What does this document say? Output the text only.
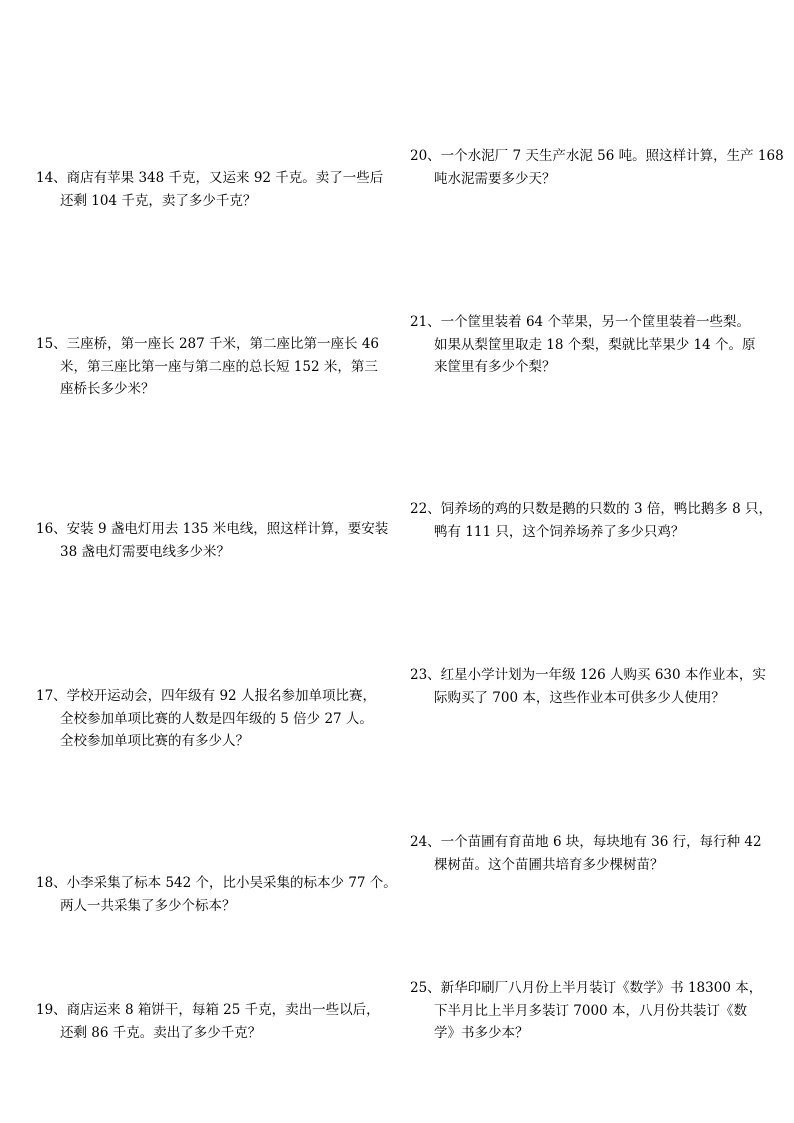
14、商店有苹果 348 千克，又运来 92 千克。卖了一些后
还剩 104 千克，卖了多少千克？
15、三座桥，第一座长 287 千米，第二座比第一座长 46
米，第三座比第一座与第二座的总长短 152 米，第三
座桥长多少米？
16、安装 9 盏电灯用去 135 米电线，照这样计算，要安装
38 盏电灯需要电线多少米？
17、学校开运动会，四年级有 92 人报名参加单项比赛，
全校参加单项比赛的人数是四年级的 5 倍少 27 人。
全校参加单项比赛的有多少人？
18、小李采集了标本 542 个，比小吴采集的标本少 77 个。
两人一共采集了多少个标本？
19、商店运来 8 箱饼干，每箱 25 千克，卖出一些以后，
还剩 86 千克。卖出了多少千克？
20、一个水泥厂 7 天生产水泥 56 吨。照这样计算，生产 168
吨水泥需要多少天？
21、一个筐里装着 64 个苹果，另一个筐里装着一些梨。
如果从梨筐里取走 18 个梨，梨就比苹果少 14 个。原
来筐里有多少个梨？
22、饲养场的鸡的只数是鹅的只数的 3 倍，鸭比鹅多 8 只，
鸭有 111 只，这个饲养场养了多少只鸡？
23、红星小学计划为一年级 126 人购买 630 本作业本，实
际购买了 700 本，这些作业本可供多少人使用？
24、一个苗圃有育苗地 6 块，每块地有 36 行，每行种 42
棵树苗。这个苗圃共培育多少棵树苗？
25、新华印刷厂八月份上半月装订《数学》书 18300 本，
下半月比上半月多装订 7000 本，八月份共装订《数
学》书多少本？
